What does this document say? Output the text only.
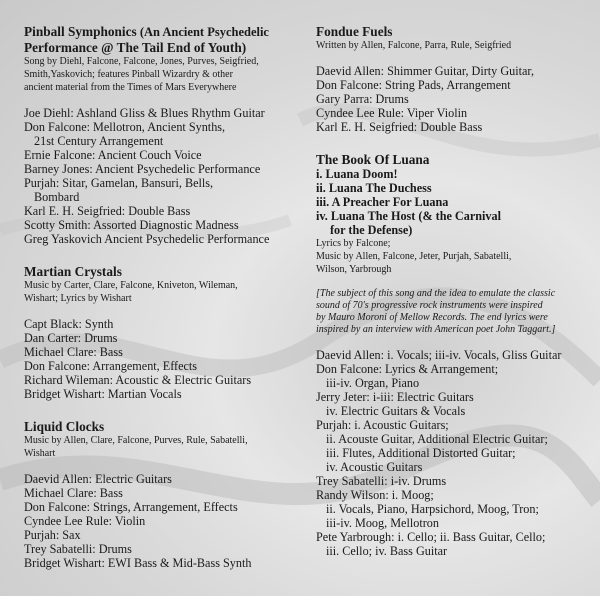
Pinball Symphonics (An Ancient Psychedelic
Performance @ The Tail End of Youth)
Song by Diehl, Falcone, Falcone, Jones, Purves, Seigfried,
Smith,Yaskovich; features Pinball Wizardry & other
ancient material from the Times of Mars Everywhere
Joe Diehl: Ashland Gliss & Blues Rhythm Guitar
Don Falcone: Mellotron, Ancient Synths,
21st Century Arrangement
Ernie Falcone: Ancient Couch Voice
Barney Jones: Ancient Psychedelic Performance
Purjah: Sitar, Gamelan, Bansuri, Bells,
Bombard
Karl E. H. Seigfried: Double Bass
Scotty Smith: Assorted Diagnostic Madness
Greg Yaskovich Ancient Psychedelic Performance
Martian Crystals
Music by Carter, Clare, Falcone, Kniveton, Wileman,
Wishart; Lyrics by Wishart
Capt Black: Synth
Dan Carter: Drums
Michael Clare: Bass
Don Falcone: Arrangement, Effects
Richard Wileman: Acoustic & Electric Guitars
Bridget Wishart: Martian Vocals
Liquid Clocks
Music by Allen, Clare, Falcone, Purves, Rule, Sabatelli,
Wishart
Daevid Allen: Electric Guitars
Michael Clare: Bass
Don Falcone: Strings, Arrangement, Effects
Cyndee Lee Rule: Violin
Purjah: Sax
Trey Sabatelli: Drums
Bridget Wishart: EWI Bass & Mid-Bass Synth
Fondue Fuels
Written by Allen, Falcone, Parra, Rule, Seigfried
Daevid Allen: Shimmer Guitar, Dirty Guitar,
Don Falcone: String Pads, Arrangement
Gary Parra: Drums
Cyndee Lee Rule: Viper Violin
Karl E. H. Seigfried: Double Bass
The Book Of Luana
i. Luana Doom!
ii. Luana The Duchess
iii. A Preacher For Luana
iv. Luana The Host (& the Carnival
for the Defense)
Lyrics by Falcone;
Music by Allen, Falcone, Jeter, Purjah, Sabatelli,
Wilson, Yarbrough
[The subject of this song and the idea to emulate the classic
sound of 70's progressive rock instruments were inspired
by Mauro Moroni of Mellow Records. The end lyrics were
inspired by an interview with American poet John Taggart.]
Daevid Allen: i. Vocals; iii-iv. Vocals, Gliss Guitar
Don Falcone: Lyrics & Arrangement;
iii-iv. Organ, Piano
Jerry Jeter: i-iii: Electric Guitars
iv. Electric Guitars & Vocals
Purjah: i. Acoustic Guitars;
ii. Acouste Guitar, Additional Electric Guitar;
iii. Flutes, Additional Distorted Guitar;
iv. Acoustic Guitars
Trey Sabatelli: i-iv. Drums
Randy Wilson: i. Moog;
ii. Vocals, Piano, Harpsichord, Moog, Tron;
iii-iv. Moog, Mellotron
Pete Yarbrough: i. Cello; ii. Bass Guitar, Cello;
iii. Cello; iv. Bass Guitar
